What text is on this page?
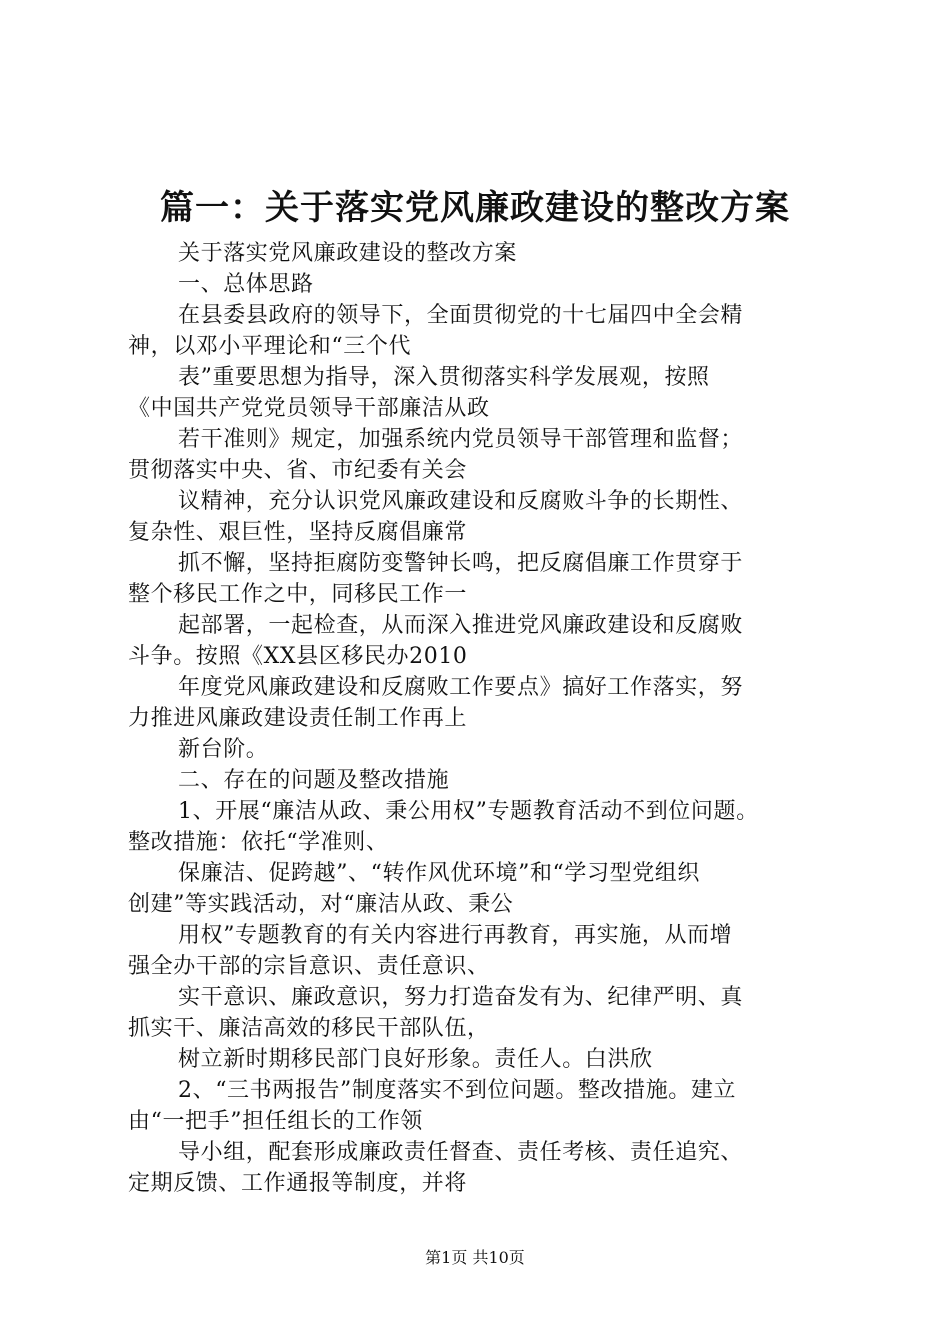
篇一：关于落实党风廉政建设的整改方案
关于落实党风廉政建设的整改方案
一、总体思路
在县委县政府的领导下，全面贯彻党的十七届四中全会精
神，以邓小平理论和“三个代
表”重要思想为指导，深入贯彻落实科学发展观，按照
《中国共产党党员领导干部廉洁从政
若干准则》规定，加强系统内党员领导干部管理和监督；
贯彻落实中央、省、市纪委有关会
议精神，充分认识党风廉政建设和反腐败斗争的长期性、
复杂性、艰巨性，坚持反腐倡廉常
抓不懈，坚持拒腐防变警钟长鸣，把反腐倡廉工作贯穿于
整个移民工作之中，同移民工作一
起部署，一起检查，从而深入推进党风廉政建设和反腐败
斗争。按照《XX县区移民办2010
年度党风廉政建设和反腐败工作要点》搞好工作落实，努
力推进风廉政建设责任制工作再上
新台阶。
二、存在的问题及整改措施
1、开展“廉洁从政、秉公用权”专题教育活动不到位问题。
整改措施：依托“学准则、
保廉洁、促跨越”、“转作风优环境”和“学习型党组织
创建”等实践活动，对“廉洁从政、秉公
用权”专题教育的有关内容进行再教育，再实施，从而增
强全办干部的宗旨意识、责任意识、
实干意识、廉政意识，努力打造奋发有为、纪律严明、真
抓实干、廉洁高效的移民干部队伍，
树立新时期移民部门良好形象。责任人。白洪欣
2、“三书两报告”制度落实不到位问题。整改措施。建立
由“一把手”担任组长的工作领
导小组，配套形成廉政责任督查、责任考核、责任追究、
定期反馈、工作通报等制度，并将
第1页 共10页
